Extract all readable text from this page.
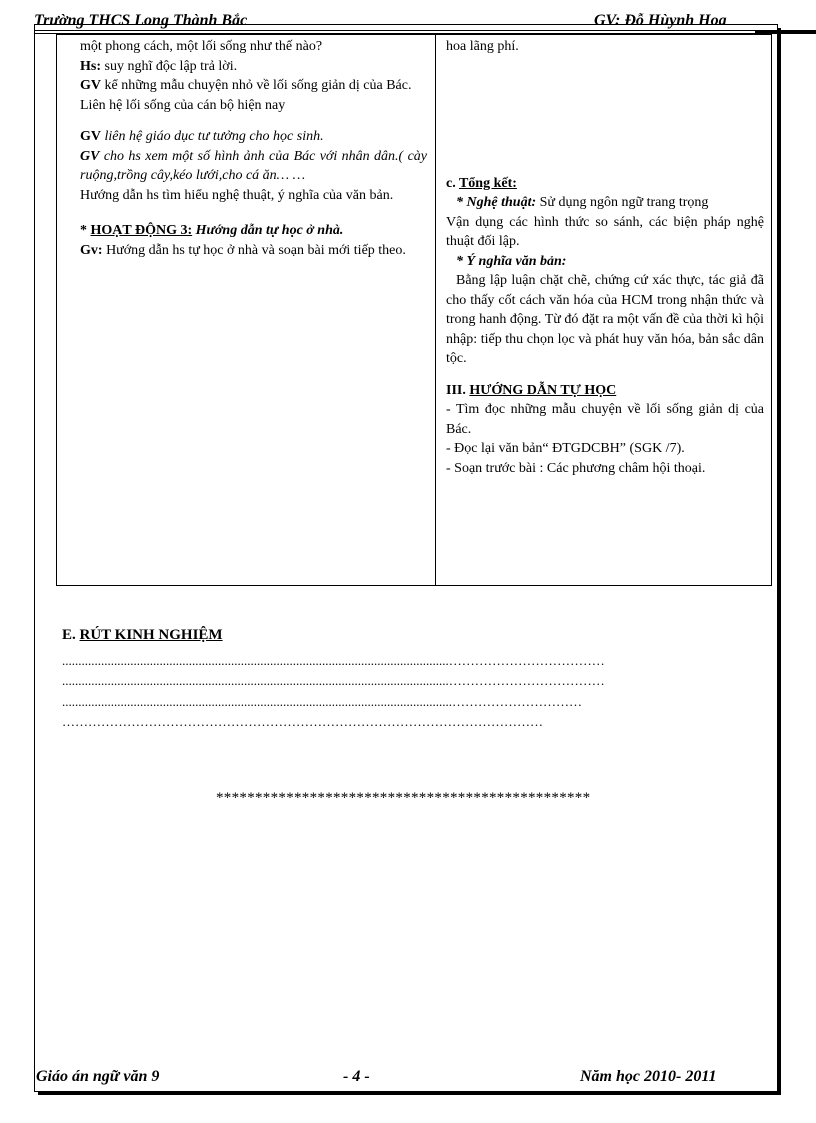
Trường THCS Long Thành Bắc	GV: Đỗ Hùynh Hoa

một phong cách, một lối sống như thế nào?

Hs: suy nghĩ độc lập trả lời.

GV kể những mẫu chuyện nhỏ về lối sống giản dị của Bác.

Liên hệ lối sống của cán bộ hiện nay

GV liên hệ giáo dục tư tưởng cho học sinh.

GV cho hs xem một số hình ảnh của Bác với nhân dân.( cày ruộng,trồng cây,kéo lưới,cho cá ăn… …

Hướng dẫn hs tìm hiểu nghệ thuật, ý nghĩa của văn bản.

* HOẠT ĐỘNG 3: Hướng dẫn tự học ở nhà.

Gv: Hướng dẫn hs tự học ở nhà và soạn bài mới tiếp theo.

hoa lãng phí.

c. Tổng kết:

* Nghệ thuật: Sử dụng ngôn ngữ trang trọng

Vận dụng các hình thức so sánh, các biện pháp nghệ thuật đối lập.

* Ý nghĩa văn bản:

Bằng lập luận chặt chẽ, chứng cứ xác thực, tác giả đã cho thấy cốt cách văn hóa của HCM trong nhận thức và trong hanh động. Từ đó đặt ra một vấn đề của thời kì hội nhập: tiếp thu chọn lọc và phát huy văn hóa, bản sắc dân tộc.

III. HƯỚNG DẪN TỰ HỌC

- Tìm đọc những mẫu chuyện về lối sống giản dị của Bác.

- Đọc lại văn bản“ ĐTGDCBH” (SGK /7).

- Soạn trước bài : Các phương châm hội thoại.

E. RÚT KINH NGHIỆM
.......................................................................................................................………………………………
.......................................................................................................................………………………………
........................................................................................................................…………………………
…………………………………………………………………………………………………
************************************************
Giáo án ngữ văn 9	- 4 -	Năm học 2010- 2011
